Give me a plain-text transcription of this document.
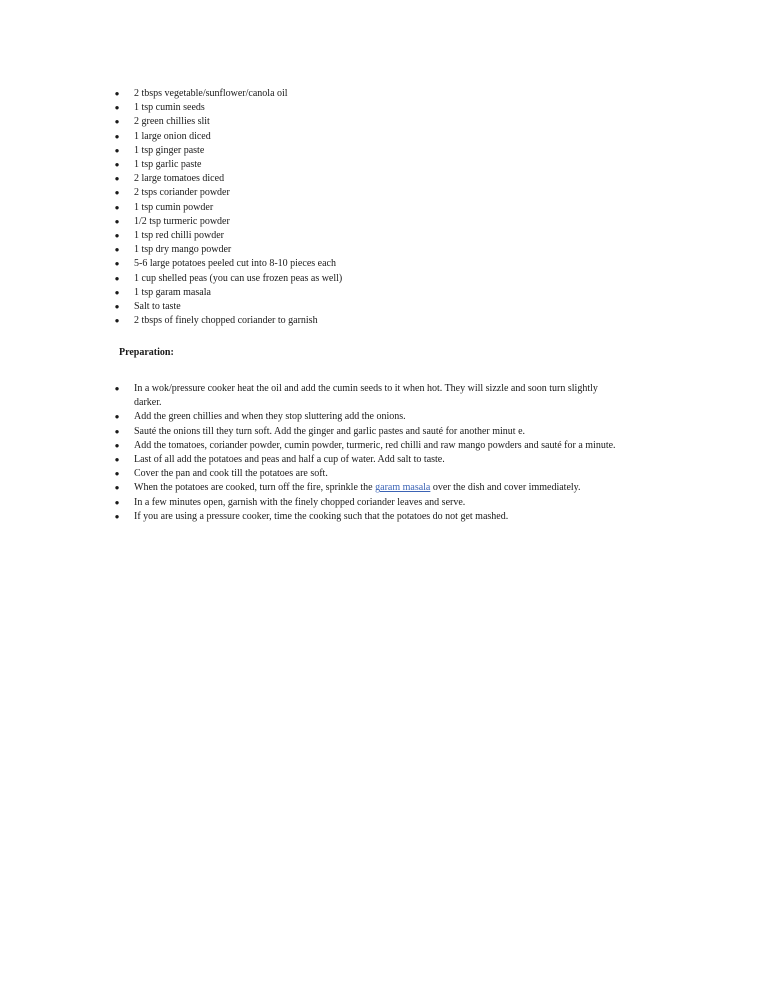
● 2 tbsps vegetable/sunflower/canola oil
● 1 tsp cumin seeds
● 2 green chillies slit
● 1 large onion diced
● 1 tsp ginger paste
● 1 tsp garlic paste
● 2 large tomatoes diced
● 2 tsps coriander powder
● 1 tsp cumin powder
● 1/2 tsp turmeric powder
● 1 tsp red chilli powder
● 1 tsp dry mango powder
● 5-6 large potatoes peeled cut into 8-10 pieces each
● 1 cup shelled peas (you can use frozen peas as well)
● 1 tsp garam masala
● Salt to taste
● 2 tbsps of finely chopped coriander to garnish
Preparation:
● In a wok/pressure cooker heat the oil and add the cumin seeds to it when hot. They will sizzle and soon turn slightly
darker.
● Add the green chillies and when they stop sluttering add the onions.
● Sauté the onions till they turn soft. Add the ginger and garlic pastes and sauté for another minut e.
● Add the tomatoes, coriander powder, cumin powder, turmeric, red chilli and raw mango powders and sauté for a minute.
● Last of all add the potatoes and peas and half a cup of water. Add salt to taste.
● Cover the pan and cook till the potatoes are soft.
● When the potatoes are cooked, turn off the fire, sprinkle the garam masala over the dish and cover immediately.
● In a few minutes open, garnish with the finely chopped coriander leaves and serve.
● If you are using a pressure cooker, time the cooking such that the potatoes do not get mashed.
